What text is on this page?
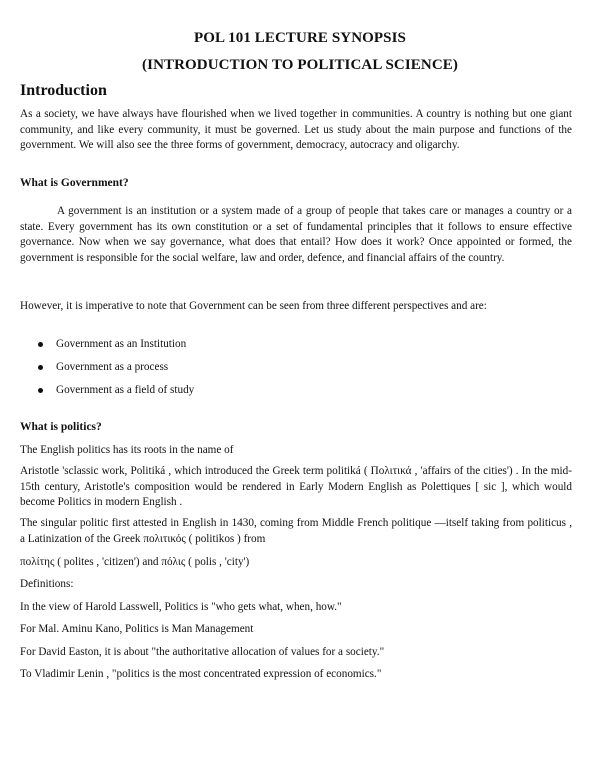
POL 101 LECTURE SYNOPSIS
(INTRODUCTION TO POLITICAL SCIENCE)
Introduction
As a society, we have always have flourished when we lived together in communities. A country is nothing but one giant community, and like every community, it must be governed. Let us study about the main purpose and functions of the government. We will also see the three forms of government, democracy, autocracy and oligarchy.
What is Government?
A government is an institution or a system made of a group of people that takes care or manages a country or a state. Every government has its own constitution or a set of fundamental principles that it follows to ensure effective governance. Now when we say governance, what does that entail? How does it work? Once appointed or formed, the government is responsible for the social welfare, law and order, defence, and financial affairs of the country.
However, it is imperative to note that Government can be seen from three different perspectives and are:
Government as an Institution
Government as a process
Government as a field of study
What is politics?
The English politics has its roots in the name of
Aristotle 'sclassic work, Politiká , which introduced the Greek term politiká ( Πολιτικά , 'affairs of the cities') . In the mid-15th century, Aristotle's composition would be rendered in Early Modern English as Polettiques [ sic ], which would become Politics in modern English .
The singular politic first attested in English in 1430, coming from Middle French politique —itself taking from politicus , a Latinization of the Greek πολιτικός ( politikos ) from
πολίτης ( polites , 'citizen') and πόλις ( polis , 'city')
Definitions:
In the view of Harold Lasswell, Politics is "who gets what, when, how."
For Mal. Aminu Kano, Politics is Man Management
For David Easton, it is about "the authoritative allocation of values for a society."
To Vladimir Lenin , "politics is the most concentrated expression of economics."
